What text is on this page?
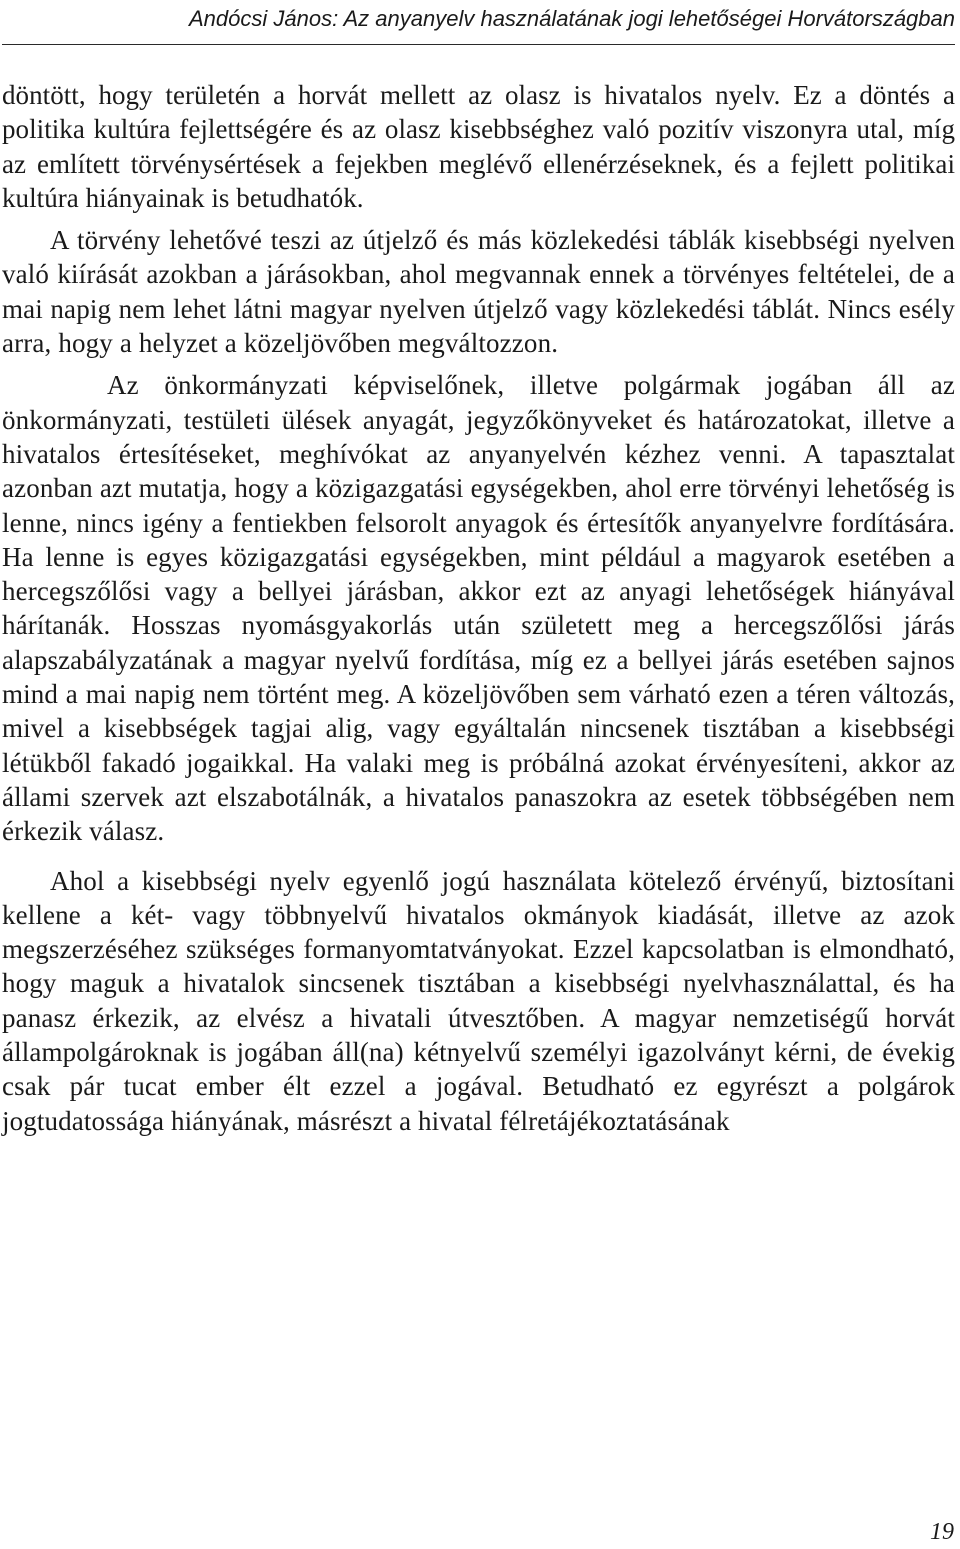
Andócsi János: Az anyanyelv használatának jogi lehetőségei Horvátországban

döntött, hogy területén a horvát mellett az olasz is hivatalos nyelv. Ez a döntés a politika kultúra fejlettségére és az olasz kisebbséghez való pozitív viszonyra utal, míg az említett törvénysértések a fejekben meglévő ellenérzéseknek, és a fejlett politikai kultúra hiányainak is betudhatók.

A törvény lehetővé teszi az útjelző és más közlekedési táblák kisebbségi nyelven való kiírását azokban a járásokban, ahol megvannak ennek a törvényes feltételei, de a mai napig nem lehet látni magyar nyelven útjelző vagy közlekedési táblát. Nincs esély arra, hogy a helyzet a közeljövőben megváltozzon.

Az önkormányzati képviselőnek, illetve polgármak jogában áll az önkormányzati, testületi ülések anyagát, jegyzőkönyveket és határozatokat, illetve a hivatalos értesítéseket, meghívókat az anyanyelvén kézhez venni. A tapasztalat azonban azt mutatja, hogy a közigazgatási egységekben, ahol erre törvényi lehetőség is lenne, nincs igény a fentiekben felsorolt anyagok és értesítők anyanyelvre fordítására. Ha lenne is egyes közigazgatási egységekben, mint például a magyarok esetében a hercegszőlősi vagy a bellyei járásban, akkor ezt az anyagi lehetőségek hiányával hárítanák. Hosszas nyomásgyakorlás után született meg a hercegszőlősi járás alapszabályzatának a magyar nyelvű fordítása, míg ez a bellyei járás esetében sajnos mind a mai napig nem történt meg. A közeljövőben sem várható ezen a téren változás, mivel a kisebbségek tagjai alig, vagy egyáltalán nincsenek tisztában a kisebbségi létükből fakadó jogaikkal. Ha valaki meg is próbálná azokat érvényesíteni, akkor az állami szervek azt elszabotálnák, a hivatalos panaszokra az esetek többségében nem érkezik válasz.

Ahol a kisebbségi nyelv egyenlő jogú használata kötelező érvényű, biztosítani kellene a két- vagy többnyelvű hivatalos okmányok kiadását, illetve az azok megszerzéséhez szükséges formanyomtatványokat. Ezzel kapcsolatban is elmondható, hogy maguk a hivatalok sincsenek tisztában a kisebbségi nyelvhasználattal, és ha panasz érkezik, az elvész a hivatali útvesztőben. A magyar nemzetiségű horvát állampolgároknak is jogában áll(na) kétnyelvű személyi igazolványt kérni, de évekig csak pár tucat ember élt ezzel a jogával. Betudható ez egyrészt a polgárok jogtudatossága hiányának, másrészt a hivatal félretájékoztatásának

19
